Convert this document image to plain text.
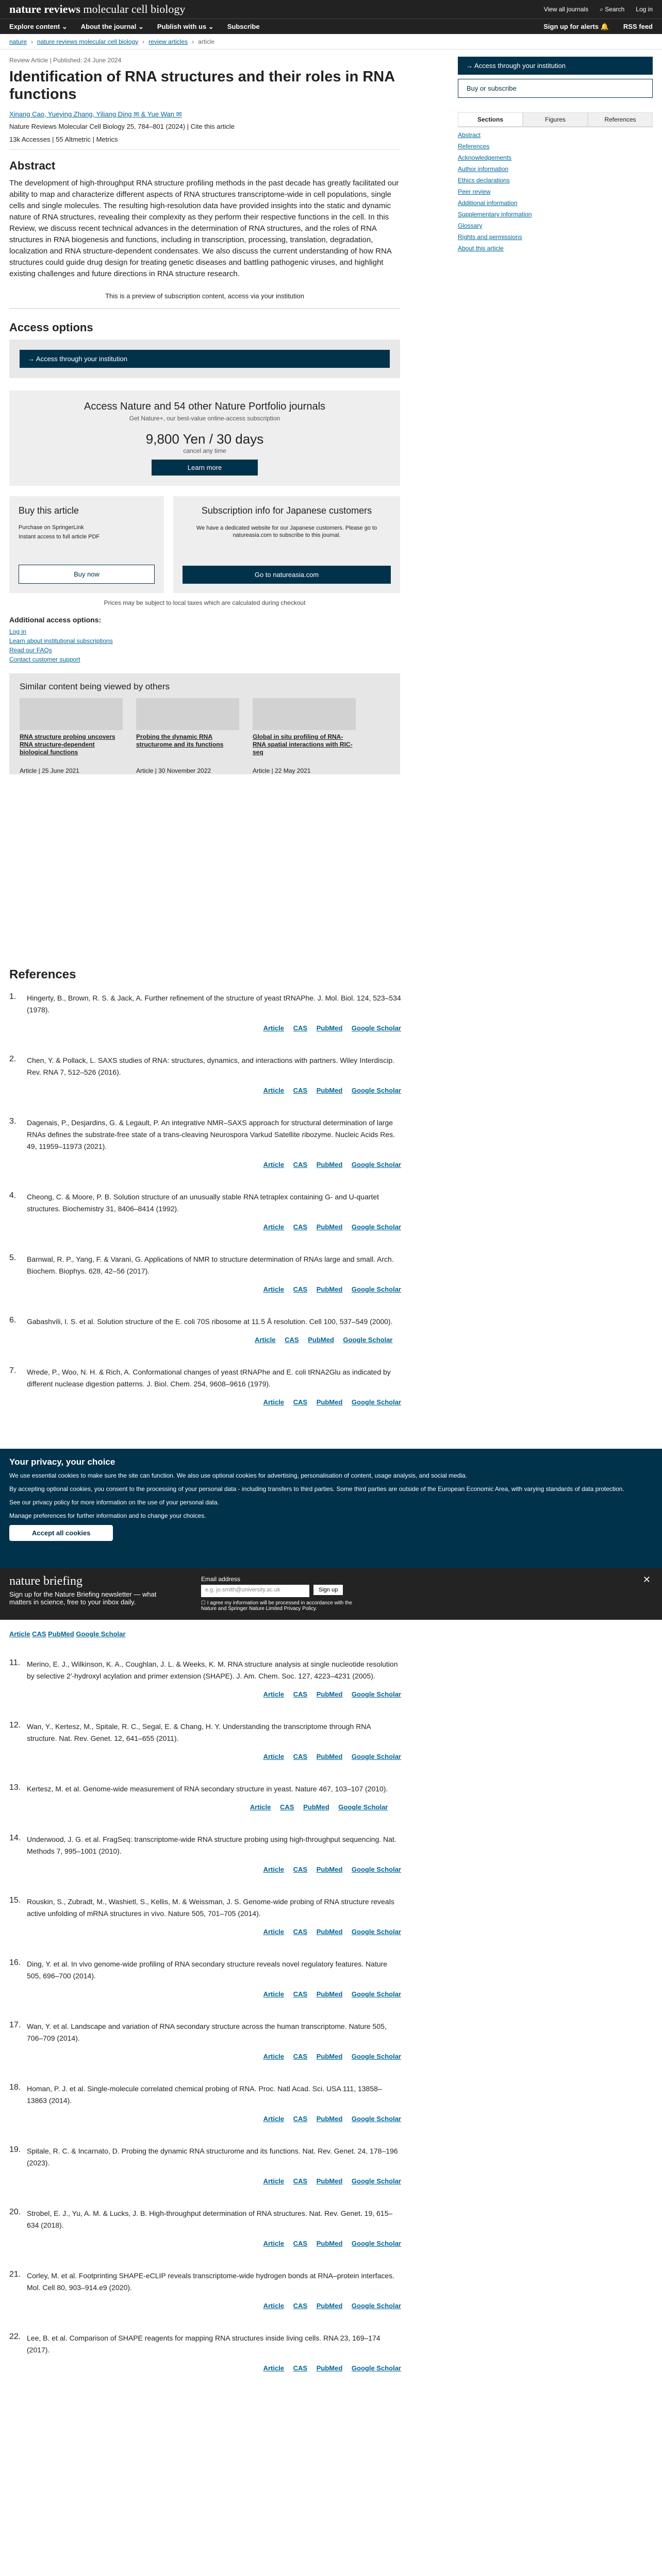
nature reviews molecular cell biology	View all journals ⌕ Search Log in
Explore content ⌄ About the journal ⌄ Publish with us ⌄ Subscribe	Sign up for alerts 🔔 RSS feed
nature › nature reviews molecular cell biology › review articles › article
Review Article | Published: 24 June 2024
Identification of RNA structures and their roles in RNA functions
Xinang Cao, Yueying Zhang, Yiliang Ding ✉ & Yue Wan ✉
Nature Reviews Molecular Cell Biology 25, 784–801 (2024) | Cite this article
13k Accesses | 55 Altmetric | Metrics
Abstract

The development of high-throughput RNA structure profiling methods in the past decade has greatly facilitated our ability to map and characterize different aspects of RNA structures transcriptome-wide in cell populations, single cells and single molecules. The resulting high-resolution data have provided insights into the static and dynamic nature of RNA structures, revealing their complexity as they perform their respective functions in the cell. In this Review, we discuss recent technical advances in the determination of RNA structures, and the roles of RNA structures in RNA biogenesis and functions, including in transcription, processing, translation, degradation, localization and RNA structure-dependent condensates. We also discuss the current understanding of how RNA structures could guide drug design for treating genetic diseases and battling pathogenic viruses, and highlight existing challenges and future directions in RNA structure research.

This is a preview of subscription content, access via your institution
Access options
→ Access through your institution
Access Nature and 54 other Nature Portfolio journals
Get Nature+, our best-value online-access subscription
9,800 Yen / 30 days
cancel any time
Learn more
Buy this article
Purchase on SpringerLink
Instant access to full article PDF
Buy now
Subscription info for Japanese customers
We have a dedicated website for our Japanese customers. Please go to natureasia.com to subscribe to this journal.
Go to natureasia.com
Prices may be subject to local taxes which are calculated during checkout
Additional access options:
Log in
Learn about institutional subscriptions
Read our FAQs
Contact customer support
Similar content being viewed by others
RNA structure probing uncovers RNA structure-dependent biological functions
Article | 25 June 2021
Probing the dynamic RNA structurome and its functions
Article | 30 November 2022
Global in situ profiling of RNA-RNA spatial interactions with RIC-seq
Article | 22 May 2021
→ Access through your institution
Buy or subscribe
Sections	Figures	References
Abstract
References
Acknowledgements
Author information
Ethics declarations
Peer review
Additional information
Supplementary information
Glossary
Rights and permissions
About this article
References
1.	Hingerty, B., Brown, R. S. & Jack, A. Further refinement of the structure of yeast tRNAPhe. J. Mol. Biol. 124, 523–534 (1978).
Article CAS PubMed Google Scholar
2.	Chen, Y. & Pollack, L. SAXS studies of RNA: structures, dynamics, and interactions with partners. Wiley Interdiscip. Rev. RNA 7, 512–526 (2016).
Article CAS PubMed Google Scholar
3.	Dagenais, P., Desjardins, G. & Legault, P. An integrative NMR–SAXS approach for structural determination of large RNAs defines the substrate-free state of a trans-cleaving Neurospora Varkud Satellite ribozyme. Nucleic Acids Res. 49, 11959–11973 (2021).
Article CAS PubMed Google Scholar
4.	Cheong, C. & Moore, P. B. Solution structure of an unusually stable RNA tetraplex containing G- and U-quartet structures. Biochemistry 31, 8406–8414 (1992).
Article CAS PubMed Google Scholar
5.	Barnwal, R. P., Yang, F. & Varani, G. Applications of NMR to structure determination of RNAs large and small. Arch. Biochem. Biophys. 628, 42–56 (2017).
Article CAS PubMed Google Scholar
6.	Gabashvili, I. S. et al. Solution structure of the E. coli 70S ribosome at 11.5 Å resolution. Cell 100, 537–549 (2000).
Article CAS PubMed Google Scholar
7.	Wrede, P., Woo, N. H. & Rich, A. Conformational changes of yeast tRNAPhe and E. coli tRNA2Glu as indicated by different nuclease digestion patterns. J. Biol. Chem. 254, 9608–9616 (1979).
Article CAS PubMed Google Scholar
Your privacy, your choice

We use essential cookies to make sure the site can function. We also use optional cookies for advertising, personalisation of content, usage analysis, and social media.

By accepting optional cookies, you consent to the processing of your personal data - including transfers to third parties. Some third parties are outside of the European Economic Area, with varying standards of data protection.

See our privacy policy for more information on the use of your personal data.

Manage preferences for further information and to change your choices.

Accept all cookies
nature briefing
Sign up for the Nature Briefing newsletter — what matters in science, free to your inbox daily.
Email address
e.g. jo.smith@university.ac.uk	Sign up
☐ I agree my information will be processed in accordance with the Nature and Springer Nature Limited Privacy Policy.
✕
Article CAS PubMed Google Scholar
11. Merino, E. J., Wilkinson, K. A., Coughlan, J. L. & Weeks, K. M. RNA structure analysis at single nucleotide resolution by selective 2′-hydroxyl acylation and primer extension (SHAPE). J. Am. Chem. Soc. 127, 4223–4231 (2005).
Article CAS PubMed Google Scholar
12. Wan, Y., Kertesz, M., Spitale, R. C., Segal, E. & Chang, H. Y. Understanding the transcriptome through RNA structure. Nat. Rev. Genet. 12, 641–655 (2011).
Article CAS PubMed Google Scholar
13. Kertesz, M. et al. Genome-wide measurement of RNA secondary structure in yeast. Nature 467, 103–107 (2010).
Article CAS PubMed Google Scholar
14. Underwood, J. G. et al. FragSeq: transcriptome-wide RNA structure probing using high-throughput sequencing. Nat. Methods 7, 995–1001 (2010).
Article CAS PubMed Google Scholar
15. Rouskin, S., Zubradt, M., Washietl, S., Kellis, M. & Weissman, J. S. Genome-wide probing of RNA structure reveals active unfolding of mRNA structures in vivo. Nature 505, 701–705 (2014).
Article CAS PubMed Google Scholar
16. Ding, Y. et al. In vivo genome-wide profiling of RNA secondary structure reveals novel regulatory features. Nature 505, 696–700 (2014).
Article CAS PubMed Google Scholar
17. Wan, Y. et al. Landscape and variation of RNA secondary structure across the human transcriptome. Nature 505, 706–709 (2014).
Article CAS PubMed Google Scholar
18. Homan, P. J. et al. Single-molecule correlated chemical probing of RNA. Proc. Natl Acad. Sci. USA 111, 13858–13863 (2014).
Article CAS PubMed Google Scholar
19. Spitale, R. C. & Incarnato, D. Probing the dynamic RNA structurome and its functions. Nat. Rev. Genet. 24, 178–196 (2023).
Article CAS PubMed Google Scholar
20. Strobel, E. J., Yu, A. M. & Lucks, J. B. High-throughput determination of RNA structures. Nat. Rev. Genet. 19, 615–634 (2018).
Article CAS PubMed Google Scholar
21. Corley, M. et al. Footprinting SHAPE-eCLIP reveals transcriptome-wide hydrogen bonds at RNA–protein interfaces. Mol. Cell 80, 903–914.e9 (2020).
Article CAS PubMed Google Scholar
22. Lee, B. et al. Comparison of SHAPE reagents for mapping RNA structures inside living cells. RNA 23, 169–174 (2017).
Article CAS PubMed Google Scholar
